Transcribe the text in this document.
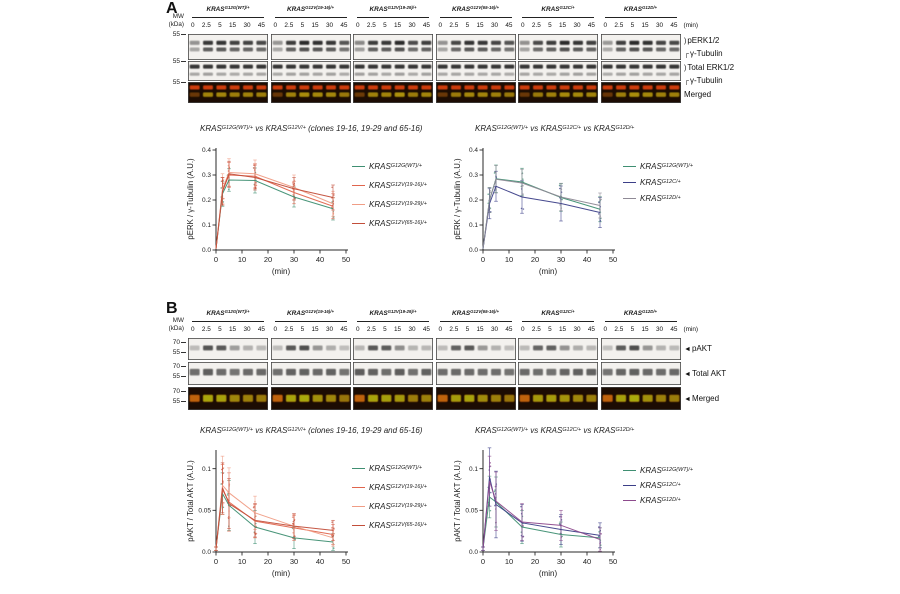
A
MW
(kDa)
$KRAS^{G12G(WT)/+}$
0 2.5 5 15 30 45
$KRAS^{G12V(19-16)/+}$
0 2.5 5 15 30 45
$KRAS^{G12V(19-29)/+}$
0 2.5 5 15 30 45
$KRAS^{G12V(65-16)/+}$
0 2.5 5 15 30 45
$KRAS^{G12C/+}$
0 2.5 5 15 30 45
$KRAS^{G12D/+}$
0 2.5 5 15 30 45 (min)
55
55
55
)pERK1/2
┌γ-Tubulin
)Total ERK1/2
┌γ-Tubulin
Merged
$KRAS^{G12G(WT)/+}$ vs $KRAS^{G12V/+}$ (clones 19-16, 19-29 and 65-16)
0.0
0.1
0.2
0.3
0.4
0	10 20 30 40 50
pERK / γ-Tubulin (A.U.)
(min)
$KRAS^{G12G(WT)/+}$
$KRAS^{G12V(19-16)/+}$
$KRAS^{G12V(19-29)/+}$
$KRAS^{G12V(65-16)/+}$
$KRAS^{G12G(WT)/+}$ vs $KRAS^{G12C/+}$ vs $KRAS^{G12D/+}$
0.0
0.1
0.2
0.3
0.4
0	10 20 30 40 50
pERK / γ-Tubulin (A.U.)
(min)
$KRAS^{G12G(WT)/+}$
$KRAS^{G12C/+}$
$KRAS^{G12D/+}$
B
MW
(kDa)
$KRAS^{G12G(WT)/+}$
0 2.5 5 15 30 45
$KRAS^{G12V(19-16)/+}$
0 2.5 5 15 30 45
$KRAS^{G12V(19-29)/+}$
0 2.5 5 15 30 45
$KRAS^{G12V(65-16)/+}$
0 2.5 5 15 30 45
$KRAS^{G12C/+}$
0 2.5 5 15 30 45
$KRAS^{G12D/+}$
0 2.5 5 15 30 45 (min)
70
55
70
55
70
55
◄pAKT
◄Total AKT
◄Merged
$KRAS^{G12G(WT)/+}$ vs $KRAS^{G12V/+}$ (clones 19-16, 19-29 and 65-16)
0.0
0.05
0.1
0	10 20 30 40 50
pAKT / Total AKT (A.U.)
(min)
$KRAS^{G12G(WT)/+}$
$KRAS^{G12V(19-16)/+}$
$KRAS^{G12V(19-29)/+}$
$KRAS^{G12V(65-16)/+}$
$KRAS^{G12G(WT)/+}$ vs $KRAS^{G12C/+}$ vs $KRAS^{G12D/+}$
0.0
0.05
0.1
0	10 20 30 40 50
pAKT / Total AKT (A.U.)
(min)
$KRAS^{G12G(WT)/+}$
$KRAS^{G12C/+}$
$KRAS^{G12D/+}$
